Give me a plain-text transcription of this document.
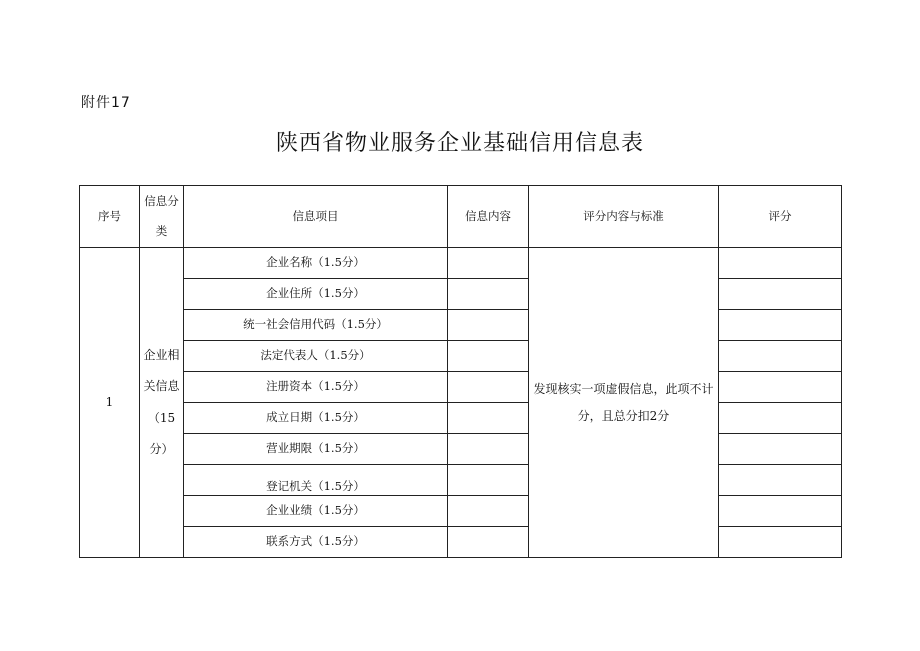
附件17
陕西省物业服务企业基础信用信息表
序号	信息分类	信息项目	信息内容	评分内容与标准	评分
1	企业相关信息（15分）	企业名称（1.5分）		发现核实一项虚假信息，此项不计分，且总分扣2分	
		企业住所（1.5分）			
		统一社会信用代码（1.5分）			
		法定代表人（1.5分）			
		注册资本（1.5分）			
		成立日期（1.5分）			
		营业期限（1.5分）			
		登记机关（1.5分）			
		企业业绩（1.5分）			
		联系方式（1.5分）			
